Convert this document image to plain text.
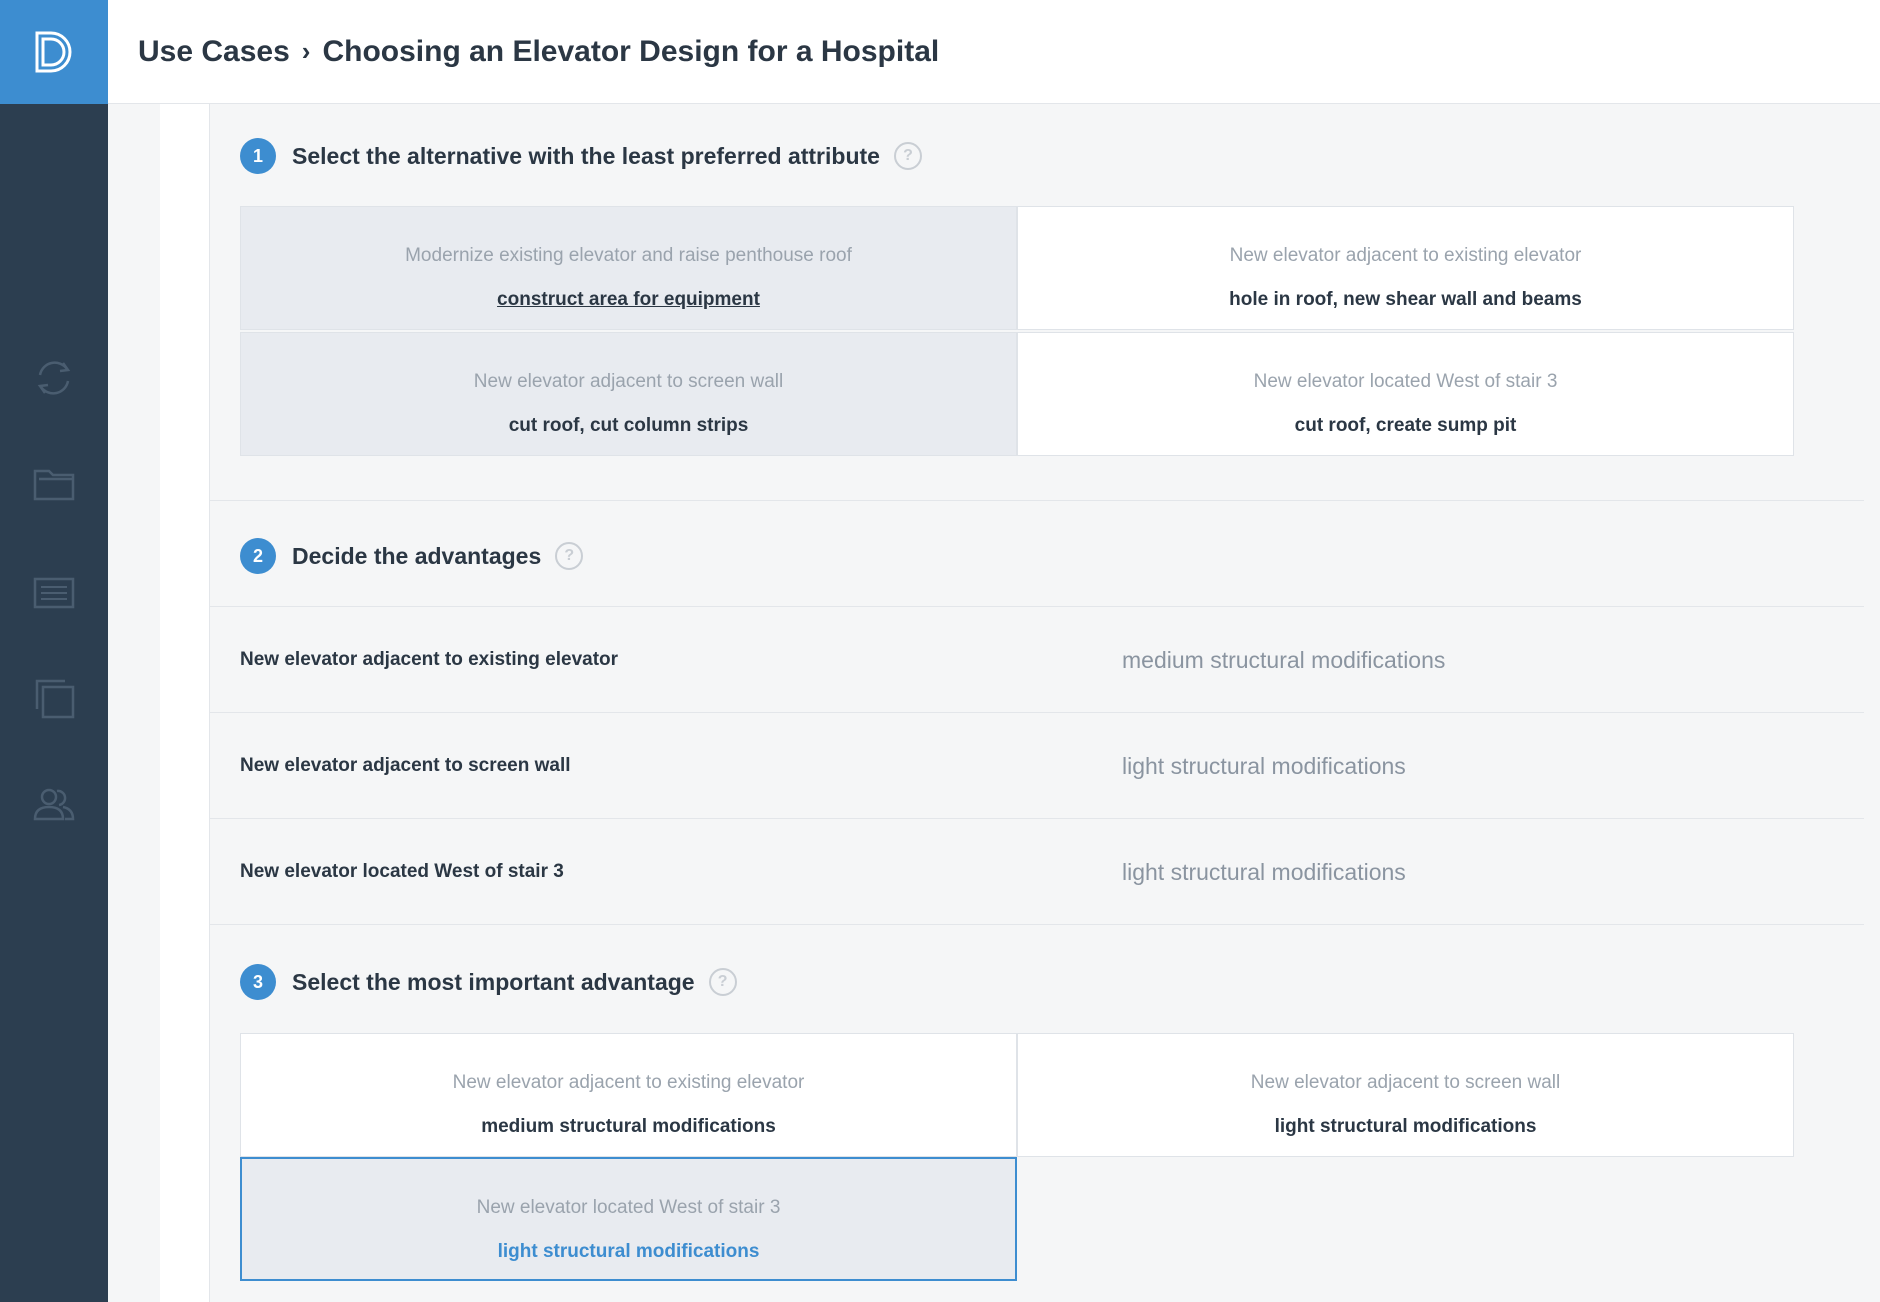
Use Cases › Choosing an Elevator Design for a Hospital
1	Select the alternative with the least preferred attribute	?
Modernize existing elevator and raise penthouse roof
construct area for equipment
New elevator adjacent to existing elevator
hole in roof, new shear wall and beams
New elevator adjacent to screen wall
cut roof, cut column strips
New elevator located West of stair 3
cut roof, create sump pit
2	Decide the advantages	?
New elevator adjacent to existing elevator	medium structural modifications
New elevator adjacent to screen wall	light structural modifications
New elevator located West of stair 3	light structural modifications
3	Select the most important advantage	?
New elevator adjacent to existing elevator
medium structural modifications
New elevator adjacent to screen wall
light structural modifications
New elevator located West of stair 3
light structural modifications
